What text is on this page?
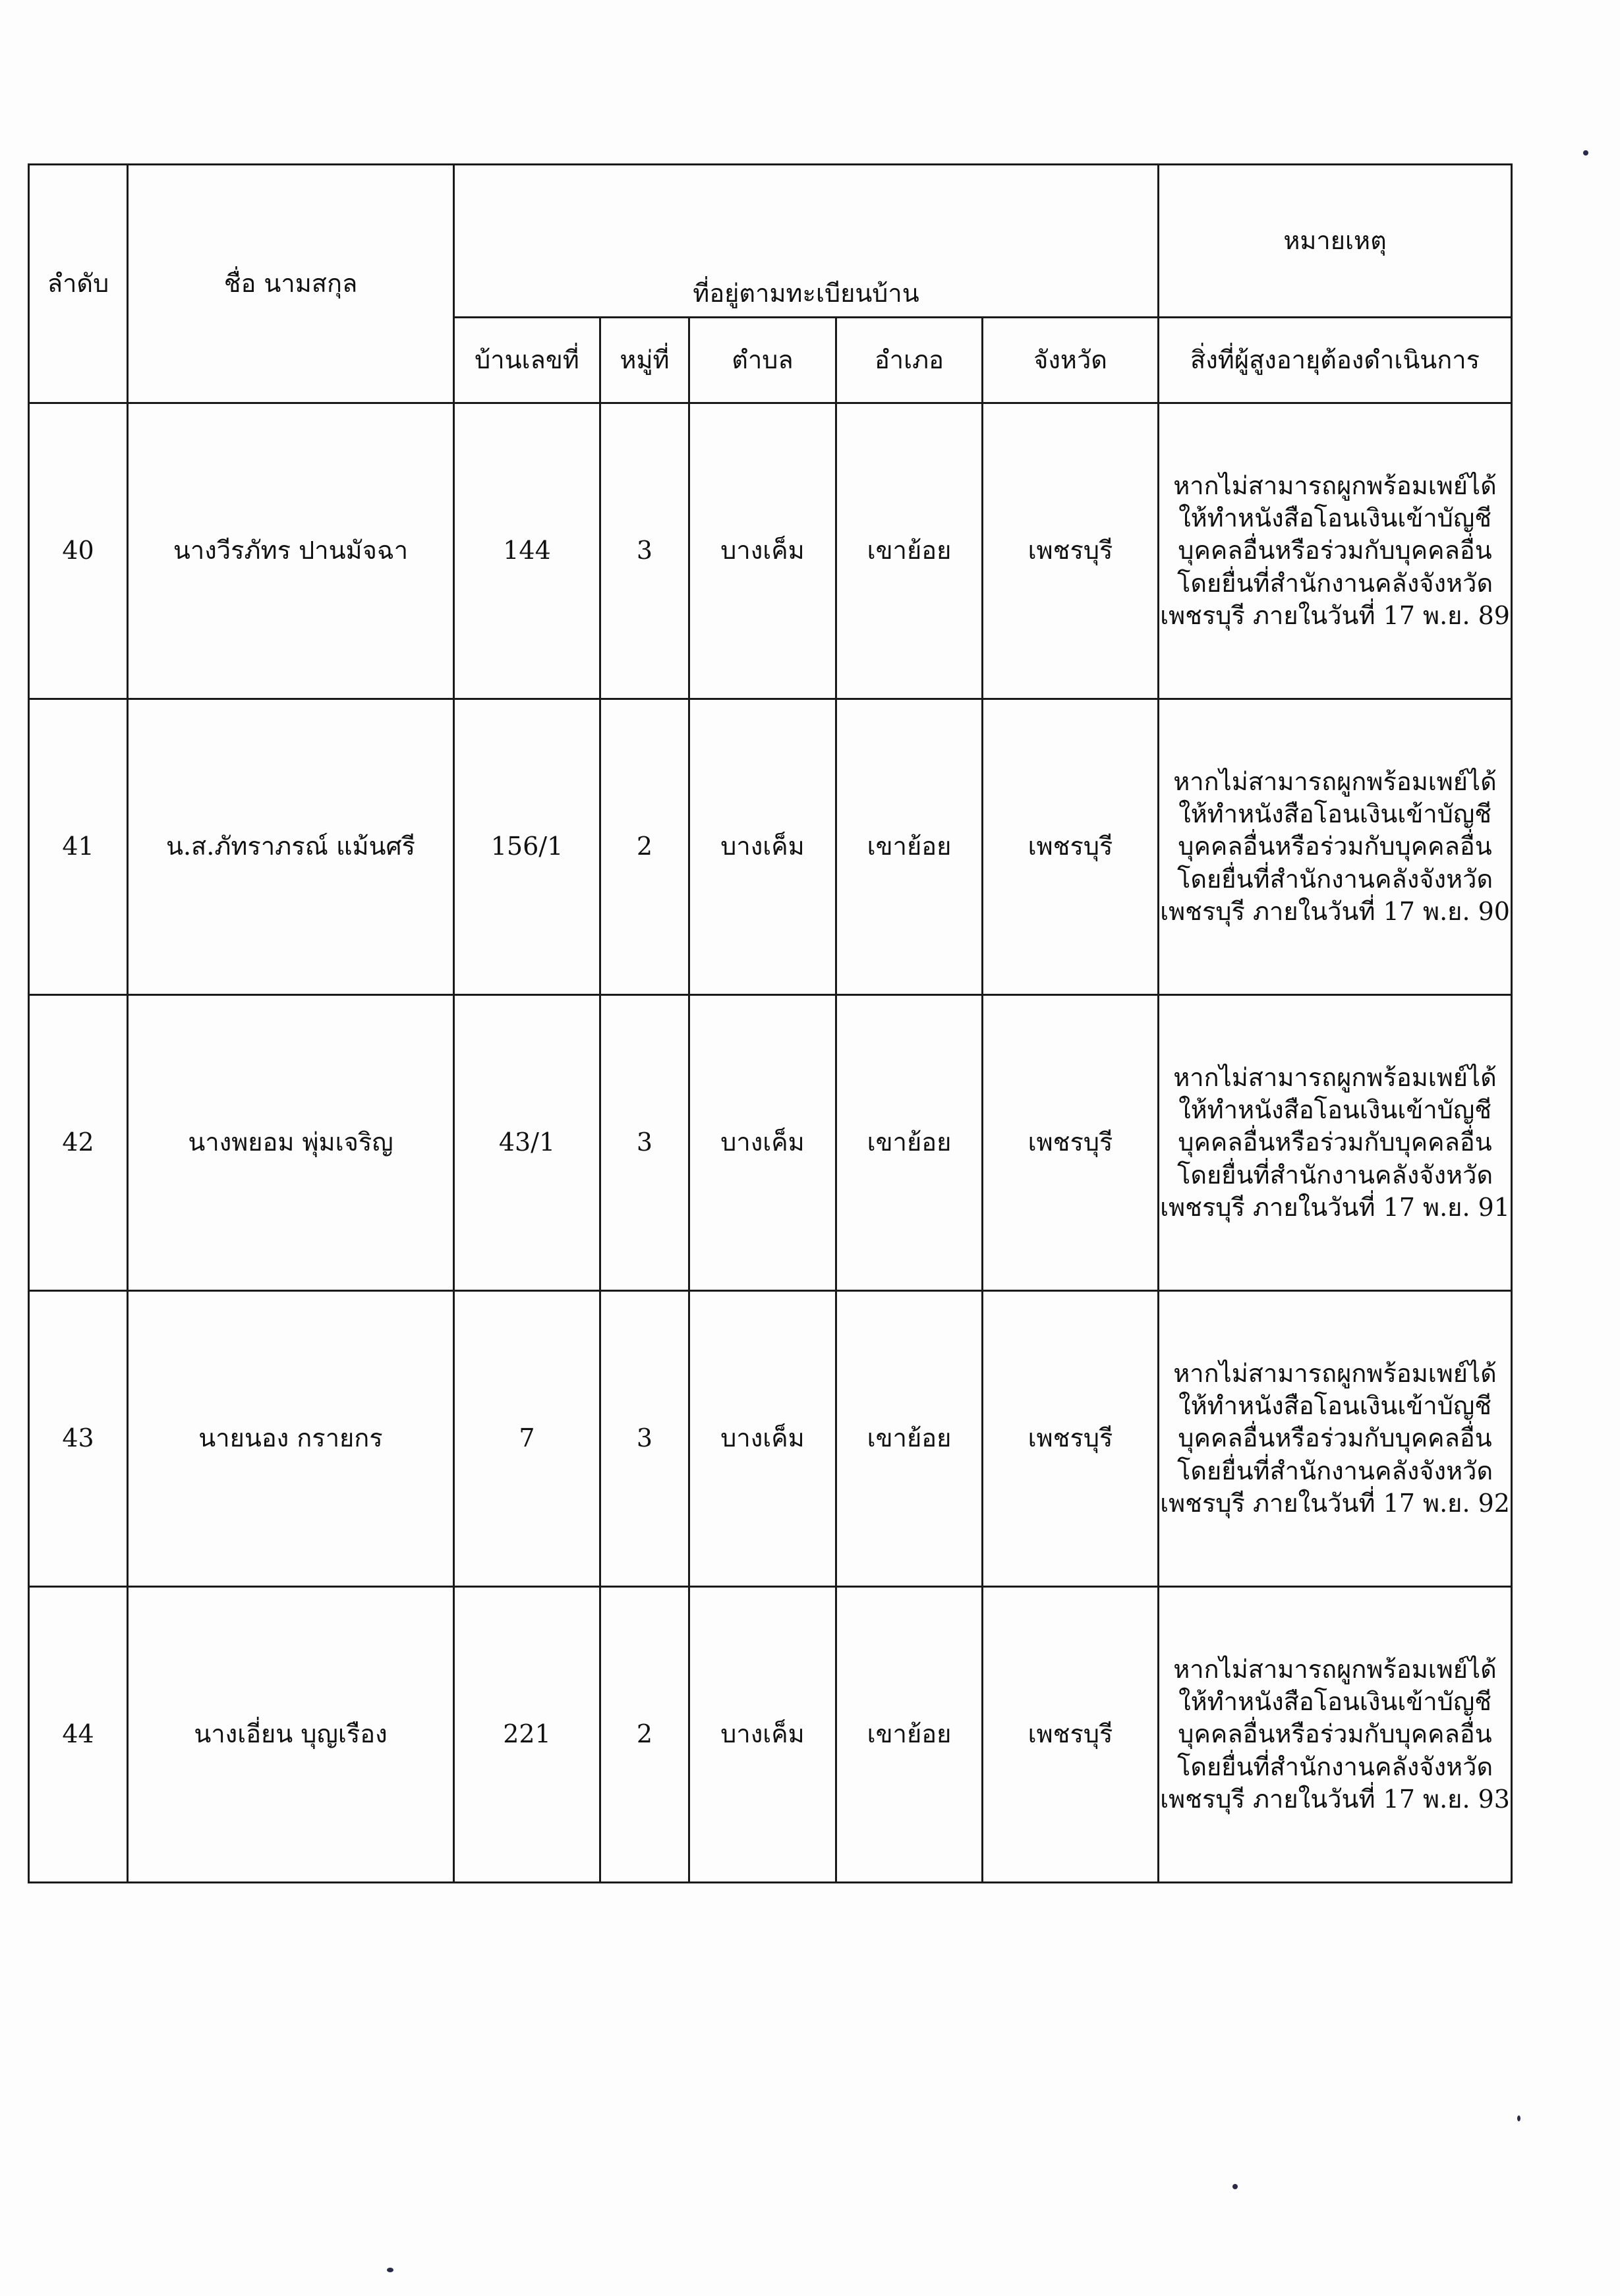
ลำดับ	ชื่อ นามสกุล	ที่อยู่ตามทะเบียนบ้าน					หมายเหตุ
		บ้านเลขที่	หมู่ที่	ตำบล	อำเภอ	จังหวัด	สิ่งที่ผู้สูงอายุต้องดำเนินการ
40	นางวีรภัทร ปานมัจฉา	144	3	บางเค็ม	เขาย้อย	เพชรบุรี	หากไม่สามารถผูกพร้อมเพย์ได้
ให้ทำหนังสือโอนเงินเข้าบัญชี
บุคคลอื่นหรือร่วมกับบุคคลอื่น
โดยยื่นที่สำนักงานคลังจังหวัด
เพชรบุรี ภายในวันที่ 17 พ.ย. 89

41	น.ส.ภัทราภรณ์ แม้นศรี	156/1	2	บางเค็ม	เขาย้อย	เพชรบุรี	หากไม่สามารถผูกพร้อมเพย์ได้
ให้ทำหนังสือโอนเงินเข้าบัญชี
บุคคลอื่นหรือร่วมกับบุคคลอื่น
โดยยื่นที่สำนักงานคลังจังหวัด
เพชรบุรี ภายในวันที่ 17 พ.ย. 90

42	นางพยอม พุ่มเจริญ	43/1	3	บางเค็ม	เขาย้อย	เพชรบุรี	หากไม่สามารถผูกพร้อมเพย์ได้
ให้ทำหนังสือโอนเงินเข้าบัญชี
บุคคลอื่นหรือร่วมกับบุคคลอื่น
โดยยื่นที่สำนักงานคลังจังหวัด
เพชรบุรี ภายในวันที่ 17 พ.ย. 91

43	นายนอง กรายกร	7	3	บางเค็ม	เขาย้อย	เพชรบุรี	หากไม่สามารถผูกพร้อมเพย์ได้
ให้ทำหนังสือโอนเงินเข้าบัญชี
บุคคลอื่นหรือร่วมกับบุคคลอื่น
โดยยื่นที่สำนักงานคลังจังหวัด
เพชรบุรี ภายในวันที่ 17 พ.ย. 92

44	นางเอี่ยน บุญเรือง	221	2	บางเค็ม	เขาย้อย	เพชรบุรี	หากไม่สามารถผูกพร้อมเพย์ได้
ให้ทำหนังสือโอนเงินเข้าบัญชี
บุคคลอื่นหรือร่วมกับบุคคลอื่น
โดยยื่นที่สำนักงานคลังจังหวัด
เพชรบุรี ภายในวันที่ 17 พ.ย. 93
